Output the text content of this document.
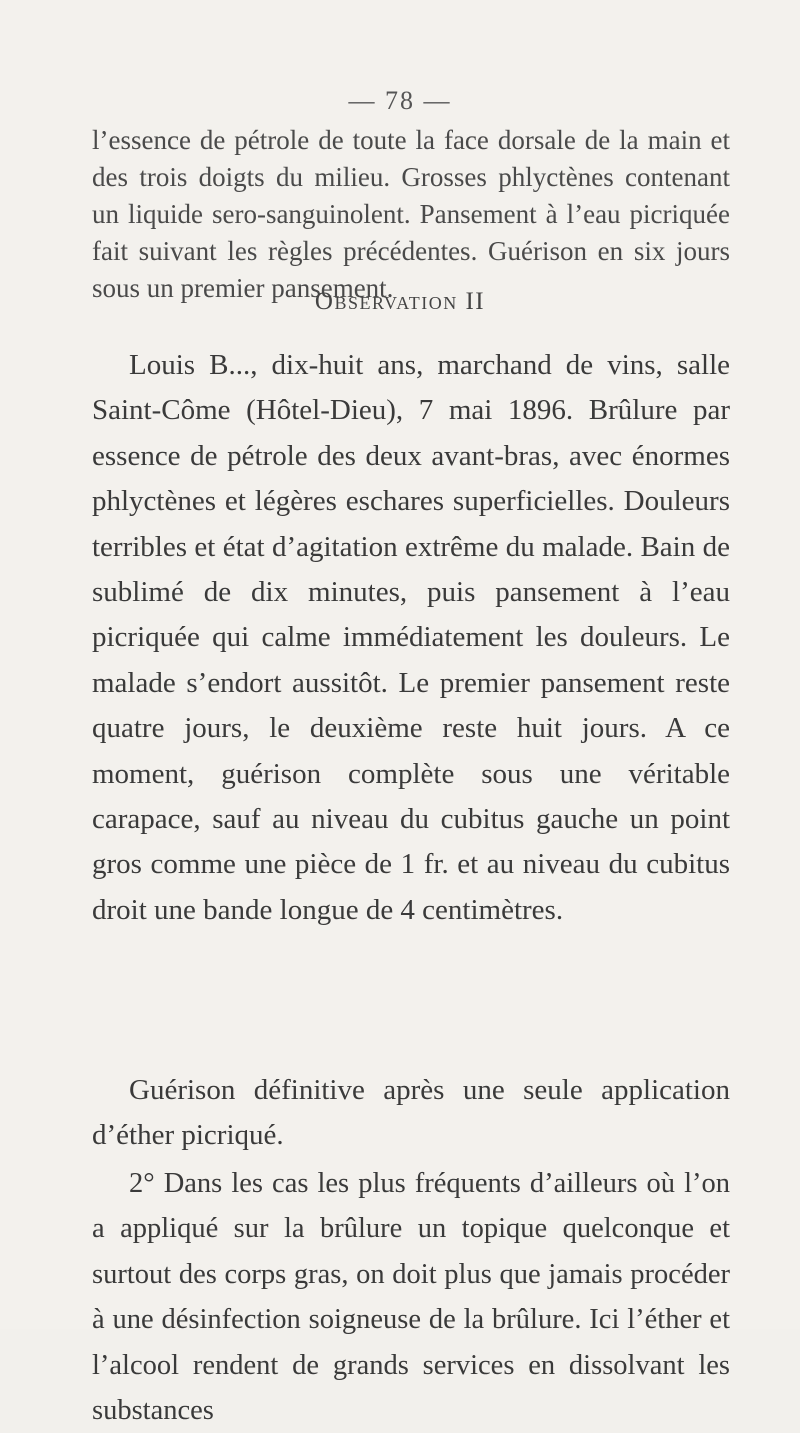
— 78 —

l’essence de pétrole de toute la face dorsale de la main et des trois doigts du milieu. Grosses phlyctènes contenant un liquide sero-sanguinolent. Pansement à l’eau picriquée fait suivant les règles précédentes. Guérison en six jours sous un premier pansement.

Observation II

Louis B..., dix-huit ans, marchand de vins, salle Saint-Côme (Hôtel-Dieu), 7 mai 1896. Brûlure par essence de pétrole des deux avant-bras, avec énormes phlyctènes et légères eschares superficielles. Douleurs terribles et état d’agitation extrême du malade. Bain de sublimé de dix minutes, puis pansement à l’eau picriquée qui calme immédiatement les douleurs. Le malade s’endort aussitôt. Le premier pansement reste quatre jours, le deuxième reste huit jours. A ce moment, guérison complète sous une véritable carapace, sauf au niveau du cubitus gauche un point gros comme une pièce de 1 fr. et au niveau du cubitus droit une bande longue de 4 centimètres.

Guérison définitive après une seule application d’éther picriqué.

2° Dans les cas les plus fréquents d’ailleurs où l’on a appliqué sur la brûlure un topique quelconque et surtout des corps gras, on doit plus que jamais procéder à une désinfection soigneuse de la brûlure. Ici l’éther et l’alcool rendent de grands services en dissolvant les substances
